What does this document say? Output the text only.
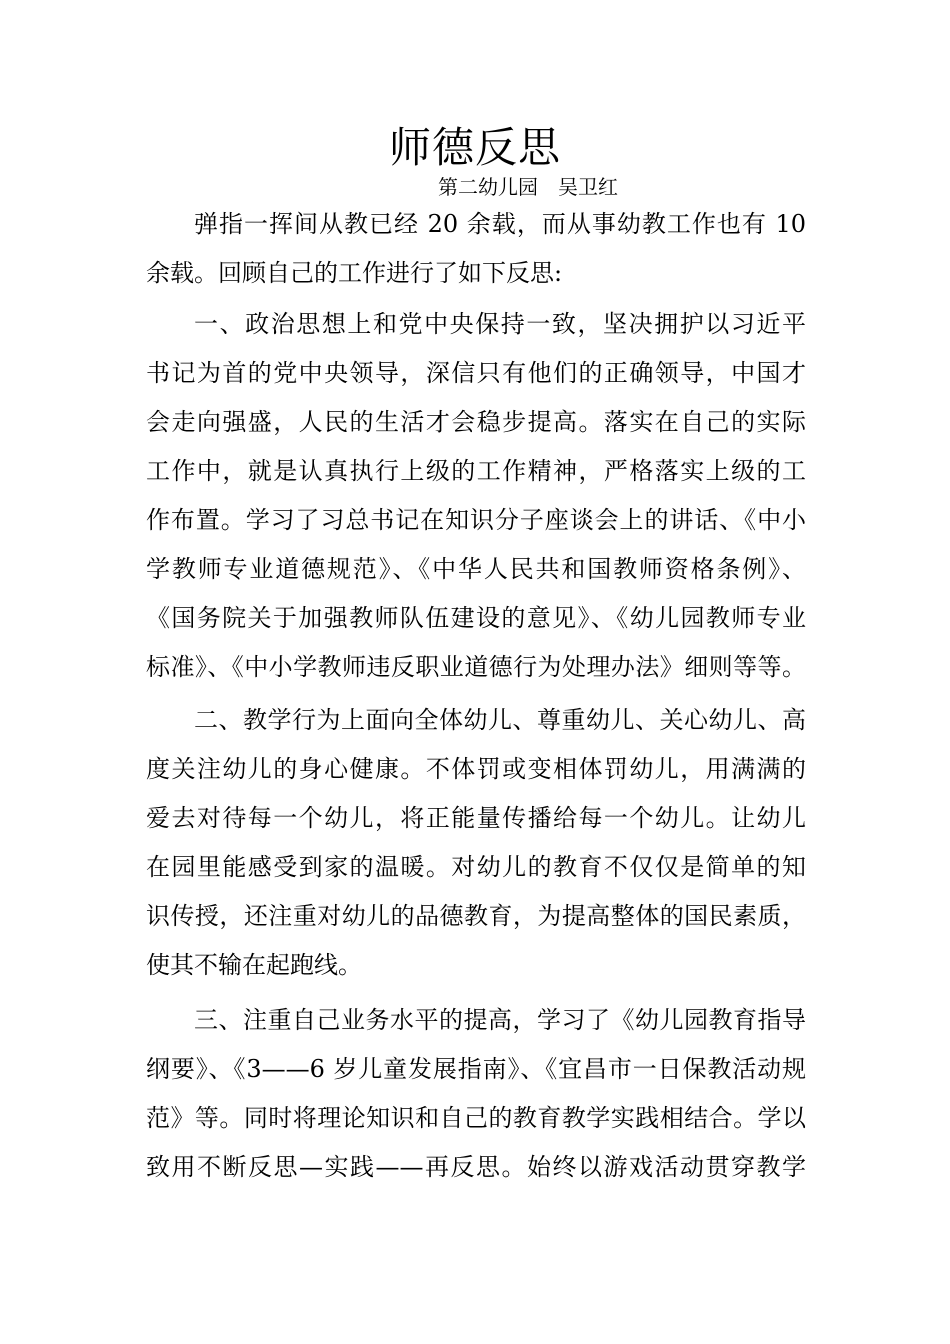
师德反思
第二幼儿园　吴卫红
弹指一挥间从教已经 20 余载，而从事幼教工作也有 10
余载。回顾自己的工作进行了如下反思:
一、政治思想上和党中央保持一致，坚决拥护以习近平
书记为首的党中央领导，深信只有他们的正确领导，中国才
会走向强盛，人民的生活才会稳步提高。落实在自己的实际
工作中，就是认真执行上级的工作精神，严格落实上级的工
作布置。学习了习总书记在知识分子座谈会上的讲话、《中小
学教师专业道德规范》、《中华人民共和国教师资格条例》、
《国务院关于加强教师队伍建设的意见》、《幼儿园教师专业
标准》、《中小学教师违反职业道德行为处理办法》细则等等。
二、教学行为上面向全体幼儿、尊重幼儿、关心幼儿、高
度关注幼儿的身心健康。不体罚或变相体罚幼儿，用满满的
爱去对待每一个幼儿，将正能量传播给每一个幼儿。让幼儿
在园里能感受到家的温暖。对幼儿的教育不仅仅是简单的知
识传授，还注重对幼儿的品德教育，为提高整体的国民素质，
使其不输在起跑线。
三、注重自己业务水平的提高，学习了《幼儿园教育指导
纲要》、《3——6 岁儿童发展指南》、《宜昌市一日保教活动规
范》等。同时将理论知识和自己的教育教学实践相结合。学以
致用不断反思—实践——再反思。始终以游戏活动贯穿教学
